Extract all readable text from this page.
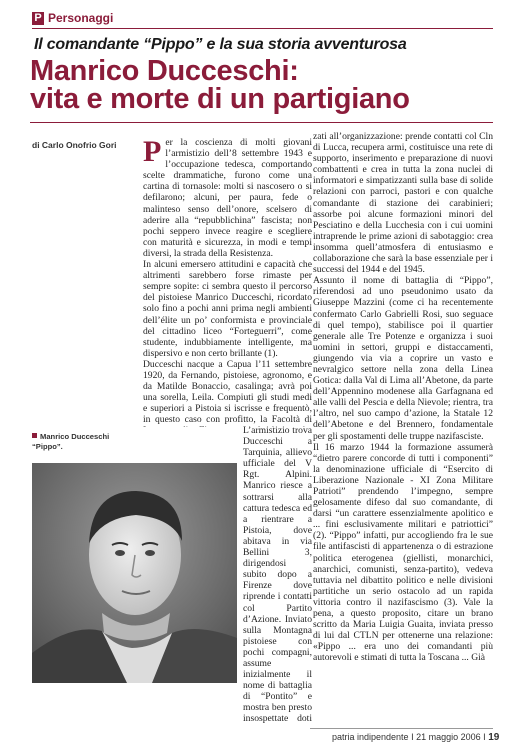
P Personaggi
Il comandante “Pippo” e la sua storia avventurosa
Manrico Ducceschi:
vita e morte di un partigiano
di Carlo Onofrio Gori Per la coscienza di molti giovani l’armistizio dell’8 settembre 1943 e l’occupazione tedesca, comportando scelte drammatiche, furono come una cartina di tornasole: molti si nascosero o si defilarono; alcuni, per paura, fede o malinteso senso dell’onore, scelsero di aderire alla “repubblichina” fascista; non pochi seppero invece reagire e scegliere con maturità e sicurezza, in modi e tempi diversi, la strada della Resistenza.

In alcuni emersero attitudini e capacità che altrimenti sarebbero forse rimaste per sempre sopite: ci sembra questo il percorso del pistoiese Manrico Ducceschi, ricordato solo fino a pochi anni prima negli ambienti dell’élite un po’ conformista e provinciale del cittadino liceo “Forteguerri”, come studente, indubbiamente intelligente, ma dispersivo e non certo brillante (1).

Ducceschi nacque a Capua l’11 settembre 1920, da Fernando, pistoiese, agronomo, e da Matilde Bonaccio, casalinga; avrà poi una sorella, Leila. Compiuti gli studi medi e superiori a Pistoia si iscrisse e frequentò, in questo caso con profitto, la Facoltà di

Manrico Ducceschi “Pippo”.

L’armistizio trova Ducceschi a Tarquinia, allievo ufficiale del V Rgt. Alpini. Manrico riesce a sottrarsi alla cattura tedesca ed a rientrare a Pistoia, dove abitava in via Bellini 3, dirigendosi subito dopo a Firenze dove riprende i contatti col Partito d’Azione. Inviato sulla Montagna pistoiese con pochi compagni, assume inizialmente il nome di battaglia di “Pontito” e mostra ben presto insospettate doti

zati all’organizzazione: prende contatti col Cln di Lucca, recupera armi, costituisce una rete di supporto, inserimento e preparazione di nuovi combattenti e crea in tutta la zona nuclei di informatori e simpatizzanti sulla base di solide relazioni con parroci, pastori e con qualche comandante di stazione dei carabinieri; assorbe poi alcune formazioni minori del Pesciatino e della Lucchesia con i cui uomini intraprende le prime azioni di sabotaggio: crea insomma quell’atmosfera di entusiasmo e collaborazione che sarà la base essenziale per i successi del 1944 e del 1945.

Assunto il nome di battaglia di “Pippo”, riferendosi ad uno pseudonimo usato da Giuseppe Mazzini (come ci ha recentemente confermato Carlo Gabrielli Rosi, suo seguace di quel tempo), stabilisce poi il quartier generale alle Tre Potenze e organizza i suoi uomini in settori, gruppi e distaccamenti, giungendo via via a coprire un vasto e nevralgico settore nella zona della Linea Gotica: dalla Val di Lima all’Abetone, da parte dell’Appennino modenese alla Garfagnana ed alle valli del Pescia e della Nievole; rientra, tra l’altro, nel suo campo d’azione, la Statale 12 dell’Abetone e del Brennero, fondamentale per gli spostamenti delle truppe nazifasciste.

Il 16 marzo 1944 la formazione assumerà “dietro parere concorde di tutti i componenti” la denominazione ufficiale di “Esercito di Liberazione Nazionale - XI Zona Militare Patrioti” prendendo l’impegno, sempre gelosamente difeso dal suo comandante, di darsi “un carattere essenzialmente apolitico e ... fini esclusivamente militari e patriottici” (2). “Pippo” infatti, pur accogliendo fra le sue file antifascisti di appartenenza o di estrazione politica eterogenea (giellisti, monarchici, anarchici, comunisti, senza-partito), vedeva tuttavia nel dibattito politico e nelle divisioni partitiche un serio ostacolo ad un rapida vittoria contro il nazifascismo (3). Vale la pena, a questo proposito, citare un brano scritto da Maria Luigia Guaita, inviata presso di lui dal CTLN per ottenerne una relazione: «Pippo ... era uno dei comandanti più autorevoli e stimati di tutta la Toscana ... Già

patria indipendente I 21 maggio 2006 I 19
